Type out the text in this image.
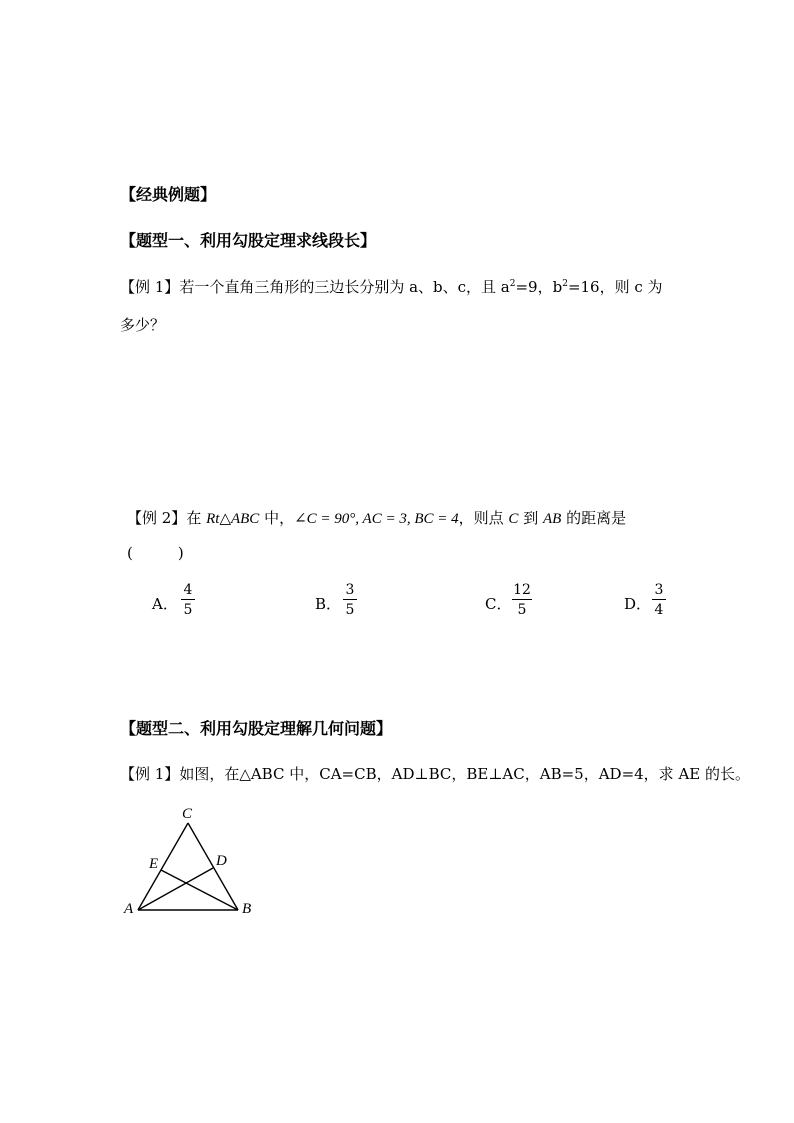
【经典例题】
【题型一、利用勾股定理求线段长】
【例 1】若一个直角三角形的三边长分别为 a、b、c，且 $a^2=9$，$b^2=16$，则 c 为
多少？
【例 2】在 Rt△ABC 中，∠C = 90°, AC = 3, BC = 4，则点 C 到 AB 的距离是
(　　　)
A．
4
5	B．
3
5	C．
12
5	D．
3
4
【题型二、利用勾股定理解几何问题】
【例 1】如图，在△ABC 中，CA=CB，AD⊥BC，BE⊥AC，AB=5，AD=4，求 AE 的长。
C
D
E
A	B
